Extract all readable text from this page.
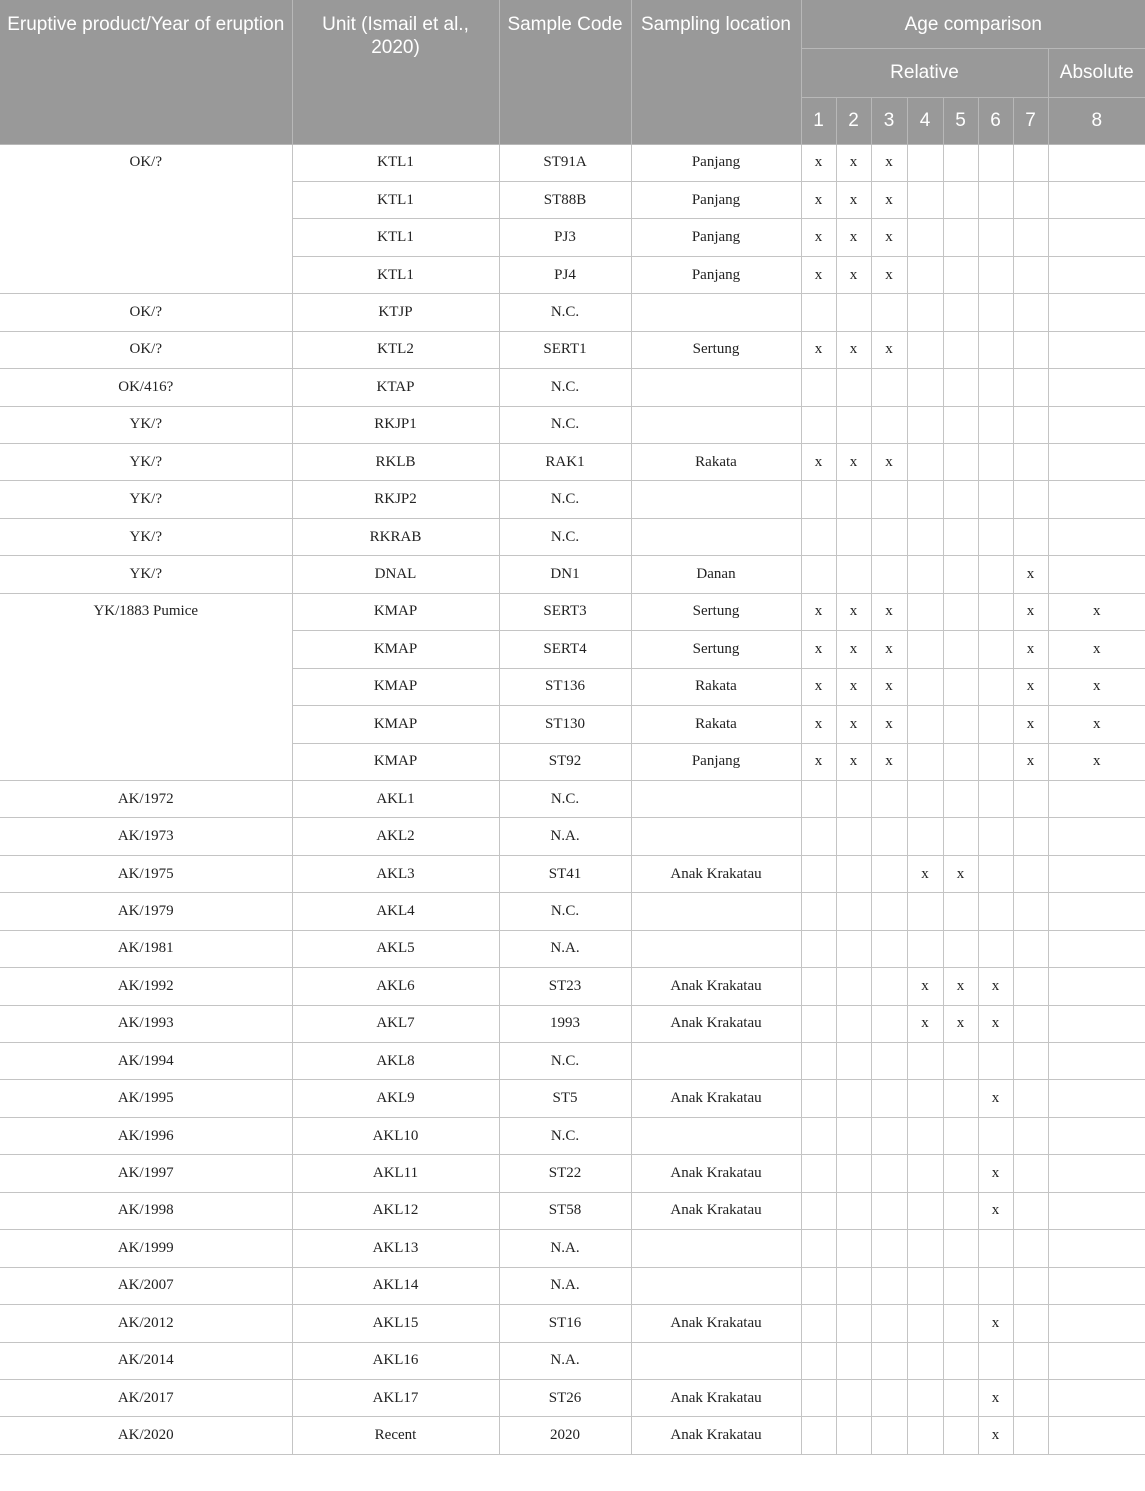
Eruptive product/Year of eruption	Unit (Ismail et al., 2020)	Sample Code	Sampling location	Age comparison							
				Relative							Absolute
				1	2	3	4	5	6	7	8
OK/?	KTL1	ST91A	Panjang	x	x	x					
	KTL1	ST88B	Panjang	x	x	x					
	KTL1	PJ3	Panjang	x	x	x					
	KTL1	PJ4	Panjang	x	x	x					
OK/?	KTJP	N.C.									
OK/?	KTL2	SERT1	Sertung	x	x	x					
OK/416?	KTAP	N.C.									
YK/?	RKJP1	N.C.									
YK/?	RKLB	RAK1	Rakata	x	x	x					
YK/?	RKJP2	N.C.									
YK/?	RKRAB	N.C.									
YK/?	DNAL	DN1	Danan							x	
YK/1883 Pumice	KMAP	SERT3	Sertung	x	x	x				x	x
	KMAP	SERT4	Sertung	x	x	x				x	x
	KMAP	ST136	Rakata	x	x	x				x	x
	KMAP	ST130	Rakata	x	x	x				x	x
	KMAP	ST92	Panjang	x	x	x				x	x
AK/1972	AKL1	N.C.									
AK/1973	AKL2	N.A.									
AK/1975	AKL3	ST41	Anak Krakatau				x	x			
AK/1979	AKL4	N.C.									
AK/1981	AKL5	N.A.									
AK/1992	AKL6	ST23	Anak Krakatau				x	x	x		
AK/1993	AKL7	1993	Anak Krakatau				x	x	x		
AK/1994	AKL8	N.C.									
AK/1995	AKL9	ST5	Anak Krakatau						x		
AK/1996	AKL10	N.C.									
AK/1997	AKL11	ST22	Anak Krakatau						x		
AK/1998	AKL12	ST58	Anak Krakatau						x		
AK/1999	AKL13	N.A.									
AK/2007	AKL14	N.A.									
AK/2012	AKL15	ST16	Anak Krakatau						x		
AK/2014	AKL16	N.A.									
AK/2017	AKL17	ST26	Anak Krakatau						x		
AK/2020	Recent	2020	Anak Krakatau						x		
